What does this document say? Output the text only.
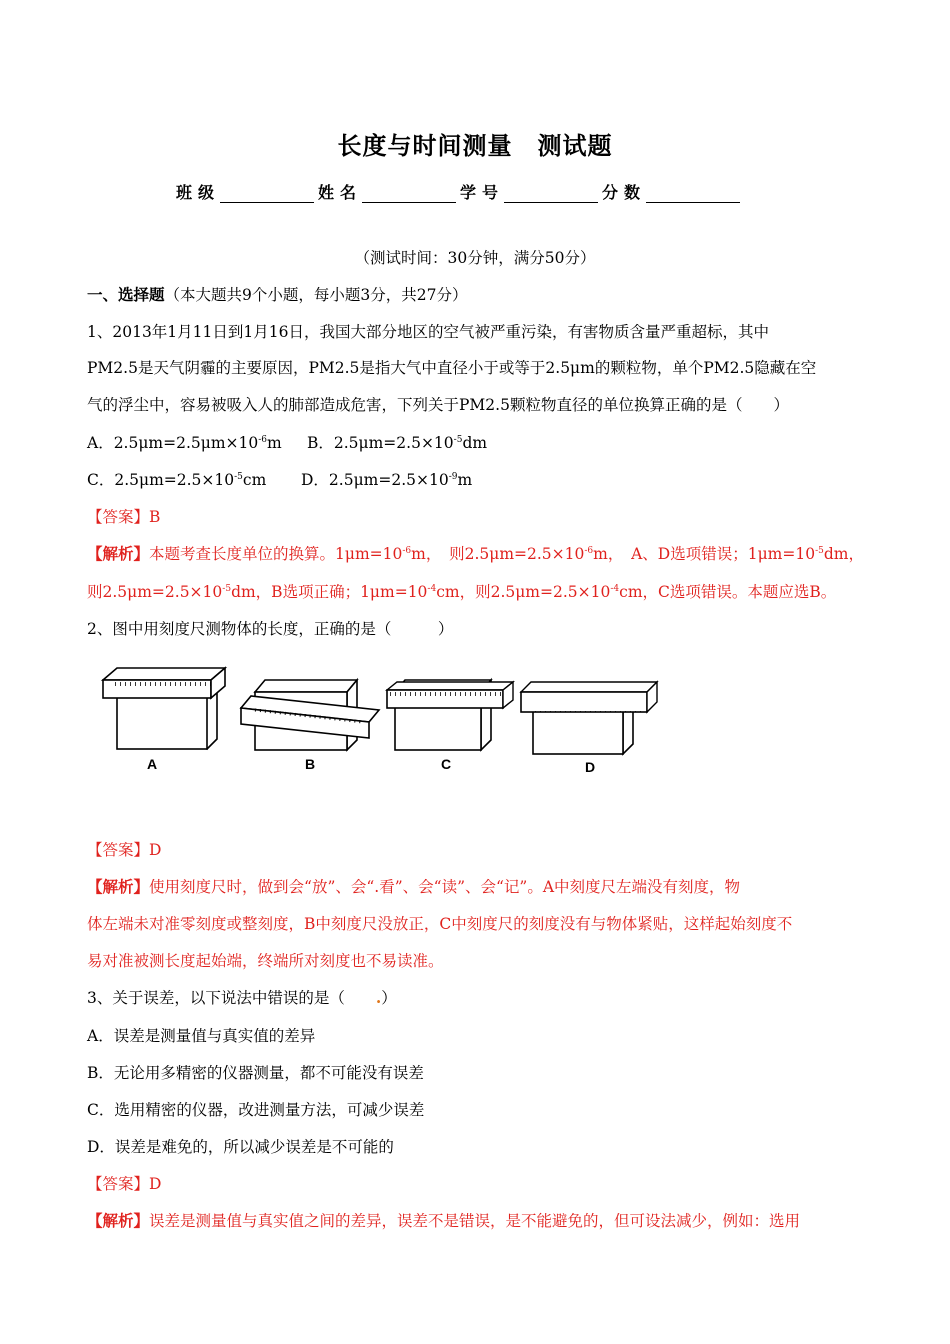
长度与时间测量　测试题
班级	姓名	学号	分数
（测试时间：30分钟，满分50分）
一、选择题（本大题共9个小题，每小题3分，共27分）
1、2013年1月11日到1月16日，我国大部分地区的空气被严重污染，有害物质含量严重超标，其中
PM2.5是天气阴霾的主要原因，PM2.5是指大气中直径小于或等于2.5μm的颗粒物，单个PM2.5隐藏在空
气的浮尘中，容易被吸入人的肺部造成危害，下列关于PM2.5颗粒物直径的单位换算正确的是（　　）
A．$2.5\mu m=2.5\mu m\times 10^{-6}m$ B．$2.5\mu m=2.5\times 10^{-5}dm$
C．$2.5\mu m=2.5\times 10^{-5}cm$ D．$2.5\mu m=2.5\times 10^{-9}m$
【答案】B
【解析】本题考查长度单位的换算。$1\mu m=10^{-6}m$，　则$2.5\mu m=2.5\times 10^{-6}m$，　A、D选项错误；$1\mu m=10^{-5}dm$，
则$2.5\mu m=2.5\times 10^{-5}dm$，B选项正确；$1\mu m=10^{-4}cm$，则$2.5\mu m=2.5\times 10^{-4}cm$，C选项错误。本题应选B。
2、图中用刻度尺测物体的长度，正确的是（　　　）
A	B	C	D
【答案】D
【解析】使用刻度尺时，做到会“放”、会“.看”、会“读”、会“记”。A中刻度尺左端没有刻度，物
体左端未对准零刻度或整刻度，B中刻度尺没放正，C中刻度尺的刻度没有与物体紧贴，这样起始刻度不
易对准被测长度起始端，终端所对刻度也不易读准。
3、关于误差，以下说法中错误的是（　　.）
A．误差是测量值与真实值的差异
B．无论用多精密的仪器测量，都不可能没有误差
C．选用精密的仪器，改进测量方法，可减少误差
D．误差是难免的，所以减少误差是不可能的
【答案】D
【解析】误差是测量值与真实值之间的差异，误差不是错误，是不能避免的，但可设法减少，例如：选用
